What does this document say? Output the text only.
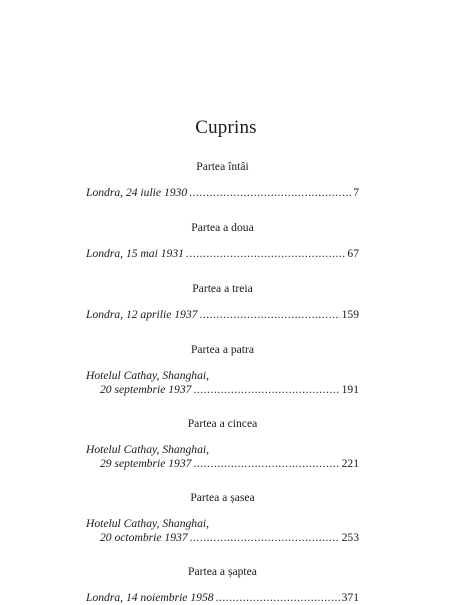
Cuprins
Partea întâi
Londra, 24 iulie 1930 .....	7
Partea a doua
Londra, 15 mai 1931 .....	67
Partea a treia
Londra, 12 aprilie 1937 .....	159
Partea a patra
Hotelul Cathay, Shanghai,
20 septembrie 1937 .....	191
Partea a cincea
Hotelul Cathay, Shanghai,
29 septembrie 1937 .....	221
Partea a șasea
Hotelul Cathay, Shanghai,
20 octombrie 1937 .....	253
Partea a șaptea
Londra, 14 noiembrie 1958 .....	371
